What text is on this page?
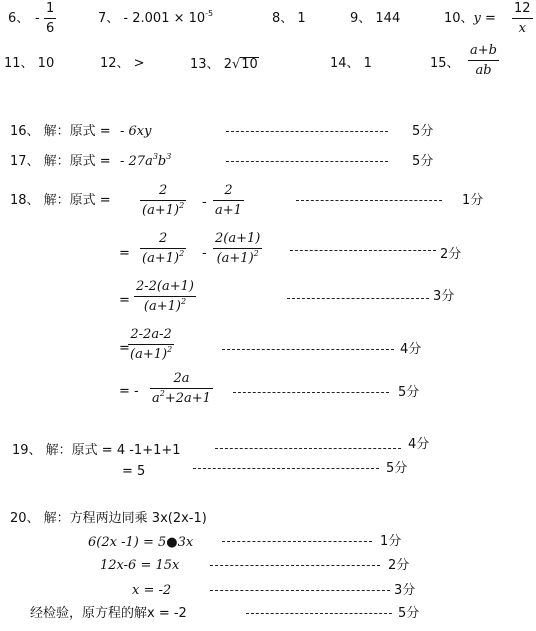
6、 - $\frac{1}{6}$	7、 - $2.001 \times 10^{-5}$	8、 1	9、 144	10、$y = \frac{12}{x}$
11、 10	12、 >	13、 2√10	14、 1	15、 $\frac{a+b}{ab}$
16、 解：原式 = - 6xy	5分
17、 解：原式 = - $27a^3b^3$	5分
18、 解：原式 = $\frac{2}{(a+1)^2} - \frac{2}{a+1}$	1分
= $\frac{2}{(a+1)^2} - \frac{2(a+1)}{(a+1)^2}$	2分
= $\frac{2-2(a+1)}{(a+1)^2}$	3分
=
$\frac{2-2a-2}{(a+1)^2}$	4分
= - $\frac{2a}{a^2+2a+1}$	5分
19、 解：原式 = 4 -1+1+1	4分
= 5	5分
20、 解：方程两边同乘 3x(2x-1)
6(2x -1) = 5●3x	1分
12x-6 = 15x	2分
x = -2	3分
经检验，原方程的解x = -2	5分
